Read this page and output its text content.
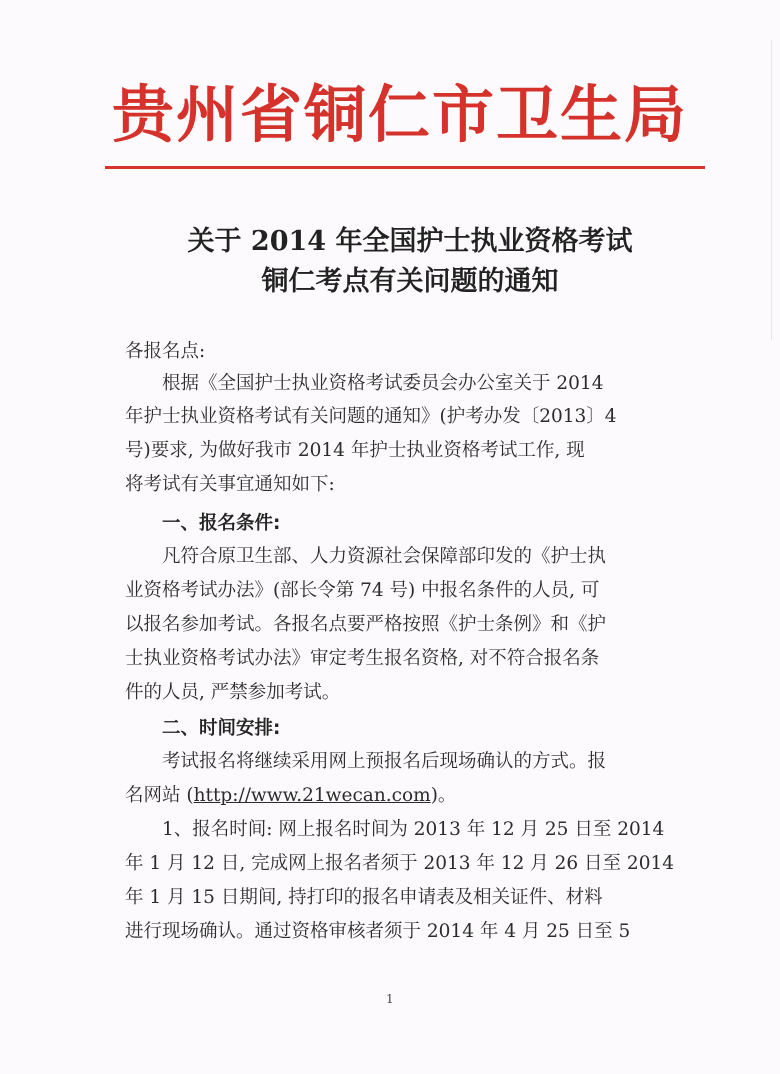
贵州省铜仁市卫生局
关于 2014 年全国护士执业资格考试
铜仁考点有关问题的通知
各报名点:
根据《全国护士执业资格考试委员会办公室关于 2014
年护士执业资格考试有关问题的通知》(护考办发〔2013〕4
号)要求, 为做好我市 2014 年护士执业资格考试工作, 现
将考试有关事宜通知如下:
一、报名条件:
凡符合原卫生部、人力资源社会保障部印发的《护士执
业资格考试办法》(部长令第 74 号) 中报名条件的人员, 可
以报名参加考试。各报名点要严格按照《护士条例》和《护
士执业资格考试办法》审定考生报名资格, 对不符合报名条
件的人员, 严禁参加考试。
二、时间安排:
考试报名将继续采用网上预报名后现场确认的方式。报
名网站 (http://www.21wecan.com)。
1、报名时间: 网上报名时间为 2013 年 12 月 25 日至 2014
年 1 月 12 日, 完成网上报名者须于 2013 年 12 月 26 日至 2014
年 1 月 15 日期间, 持打印的报名申请表及相关证件、材料
进行现场确认。通过资格审核者须于 2014 年 4 月 25 日至 5
1
